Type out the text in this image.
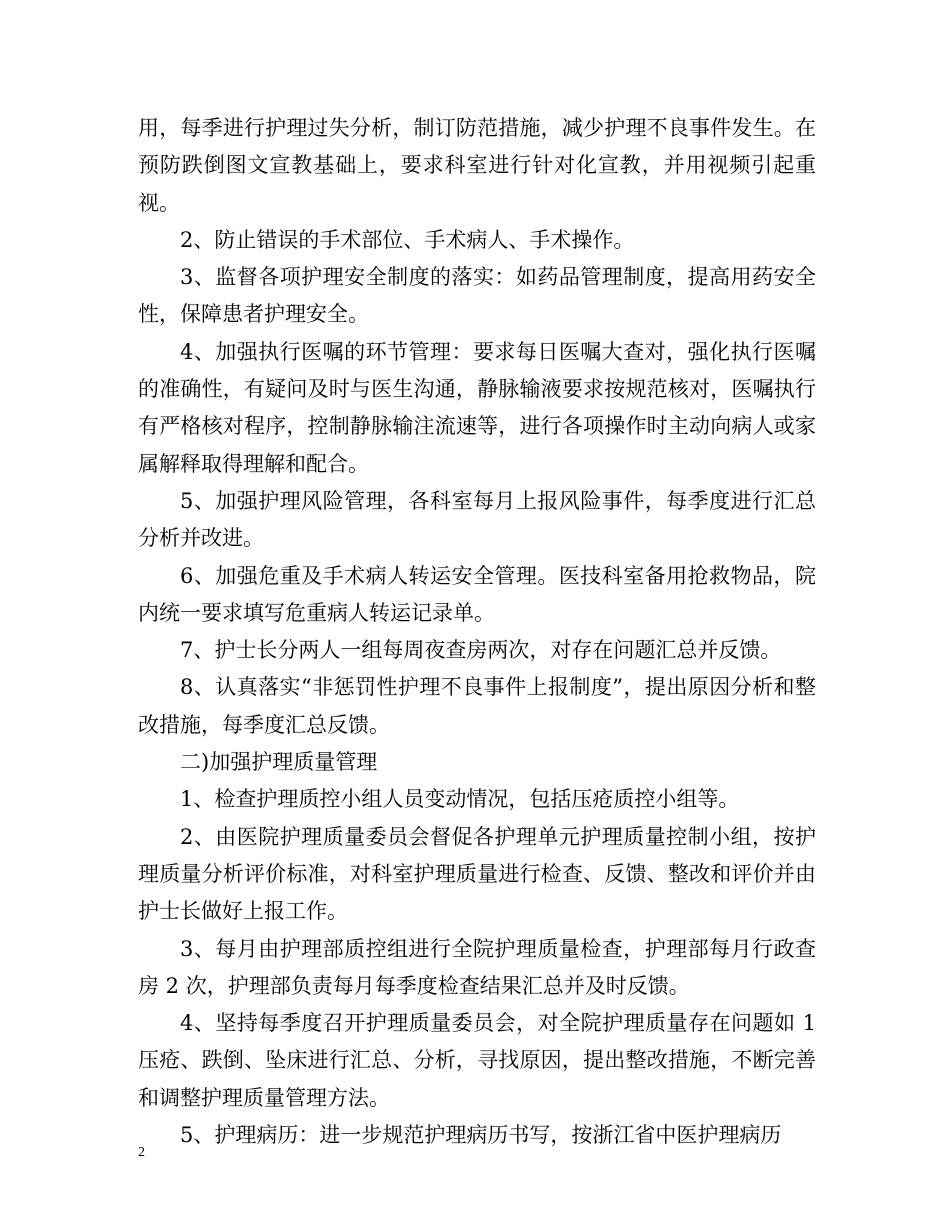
用，每季进行护理过失分析，制订防范措施，减少护理不良事件发生。在预防跌倒图文宣教基础上，要求科室进行针对化宣教，并用视频引起重视。

2、防止错误的手术部位、手术病人、手术操作。

3、监督各项护理安全制度的落实：如药品管理制度，提高用药安全性，保障患者护理安全。

4、加强执行医嘱的环节管理：要求每日医嘱大查对，强化执行医嘱的准确性，有疑问及时与医生沟通，静脉输液要求按规范核对，医嘱执行有严格核对程序，控制静脉输注流速等，进行各项操作时主动向病人或家属解释取得理解和配合。

5、加强护理风险管理，各科室每月上报风险事件，每季度进行汇总分析并改进。

6、加强危重及手术病人转运安全管理。医技科室备用抢救物品，院内统一要求填写危重病人转运记录单。

7、护士长分两人一组每周夜查房两次，对存在问题汇总并反馈。

8、认真落实“非惩罚性护理不良事件上报制度”，提出原因分析和整改措施，每季度汇总反馈。

二)加强护理质量管理

1、检查护理质控小组人员变动情况，包括压疮质控小组等。

2、由医院护理质量委员会督促各护理单元护理质量控制小组，按护理质量分析评价标准，对科室护理质量进行检查、反馈、整改和评价并由护士长做好上报工作。

3、每月由护理部质控组进行全院护理质量检查，护理部每月行政查房 2 次，护理部负责每月每季度检查结果汇总并及时反馈。

4、坚持每季度召开护理质量委员会，对全院护理质量存在问题如 1 压疮、跌倒、坠床进行汇总、分析，寻找原因，提出整改措施，不断完善和调整护理质量管理方法。

5、护理病历：进一步规范护理病历书写，按浙江省中医护理病历

2
